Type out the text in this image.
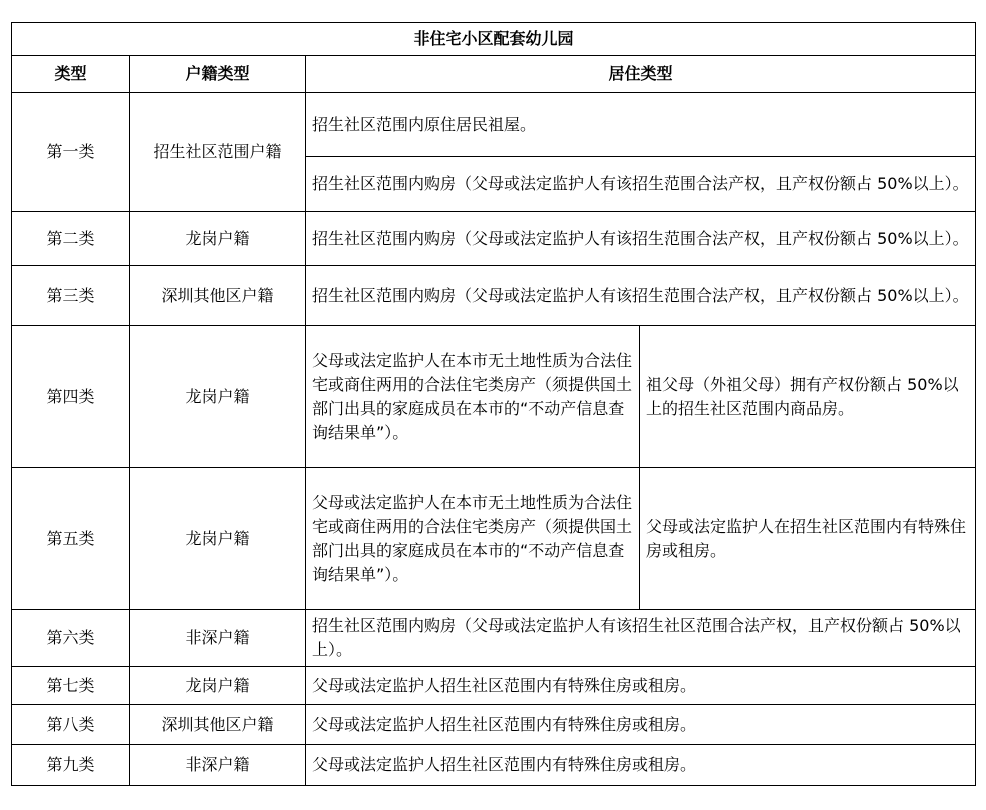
非住宅小区配套幼儿园			
类型	户籍类型	居住类型	
第一类	招生社区范围户籍	招生社区范围内原住居民祖屋。	
		招生社区范围内购房（父母或法定监护人有该招生范围合法产权，且产权份额占 50%以上）。	
第二类	龙岗户籍	招生社区范围内购房（父母或法定监护人有该招生范围合法产权，且产权份额占 50%以上）。	
第三类	深圳其他区户籍	招生社区范围内购房（父母或法定监护人有该招生范围合法产权，且产权份额占 50%以上）。	
第四类	龙岗户籍	父母或法定监护人在本市无土地性质为合法住宅或商住两用的合法住宅类房产（须提供国土部门出具的家庭成员在本市的“不动产信息查询结果单”）。	祖父母（外祖父母）拥有产权份额占 50%以上的招生社区范围内商品房。
第五类	龙岗户籍	父母或法定监护人在本市无土地性质为合法住宅或商住两用的合法住宅类房产（须提供国土部门出具的家庭成员在本市的“不动产信息查询结果单”）。	父母或法定监护人在招生社区范围内有特殊住房或租房。
第六类	非深户籍	招生社区范围内购房（父母或法定监护人有该招生社区范围合法产权，且产权份额占 50%以上）。	
第七类	龙岗户籍	父母或法定监护人招生社区范围内有特殊住房或租房。	
第八类	深圳其他区户籍	父母或法定监护人招生社区范围内有特殊住房或租房。	
第九类	非深户籍	父母或法定监护人招生社区范围内有特殊住房或租房。	
